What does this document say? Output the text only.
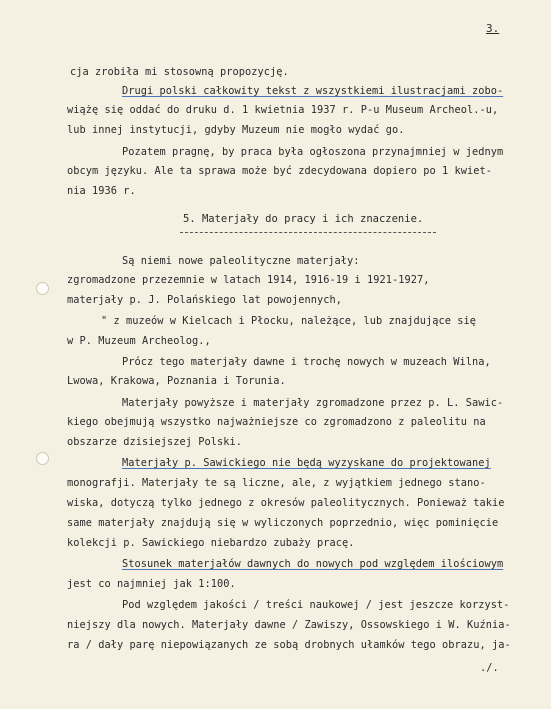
3.
cja zrobiła mi stosowną propozycję.
Drugi polski całkowity tekst z wszystkiemi ilustracjami zobo-
wiążę się oddać do druku d. 1 kwietnia 1937 r. P-u Museum Archeol.-u,
lub innej instytucji, gdyby Muzeum nie mogło wydać go.
Pozatem pragnę, by praca była ogłoszona przynajmniej w jednym
obcym języku. Ale ta sprawa może być zdecydowana dopiero po 1 kwiet-
nia 1936 r.
5. Materjały do pracy i ich znaczenie.
Są niemi nowe paleolityczne materjały:
zgromadzone przezemnie w latach 1914, 1916-19 i 1921-1927,
materjały p. J. Polańskiego lat powojennych,
" z muzeów w Kielcach i Płocku, należące, lub znajdujące się
w P. Muzeum Archeolog.,
Prócz tego materjały dawne i trochę nowych w muzeach Wilna,
Lwowa, Krakowa, Poznania i Torunia.
Materjały powyższe i materjały zgromadzone przez p. L. Sawic-
kiego obejmują wszystko najważniejsze co zgromadzono z paleolitu na
obszarze dzisiejszej Polski.
Materjały p. Sawickiego nie będą wyzyskane do projektowanej
monografji. Materjały te są liczne, ale, z wyjątkiem jednego stano-
wiska, dotyczą tylko jednego z okresów paleolitycznych. Ponieważ takie
same materjały znajdują się w wyliczonych poprzednio, więc pominięcie
kolekcji p. Sawickiego niebardzo zubaży pracę.
Stosunek materjałów dawnych do nowych pod względem ilościowym
jest co najmniej jak 1:100.
Pod względem jakości / treści naukowej / jest jeszcze korzyst-
niejszy dla nowych. Materjały dawne / Zawiszy, Ossowskiego i W. Kuźnia-
ra / dały parę niepowiązanych ze sobą drobnych ułamków tego obrazu, ja-
./.
